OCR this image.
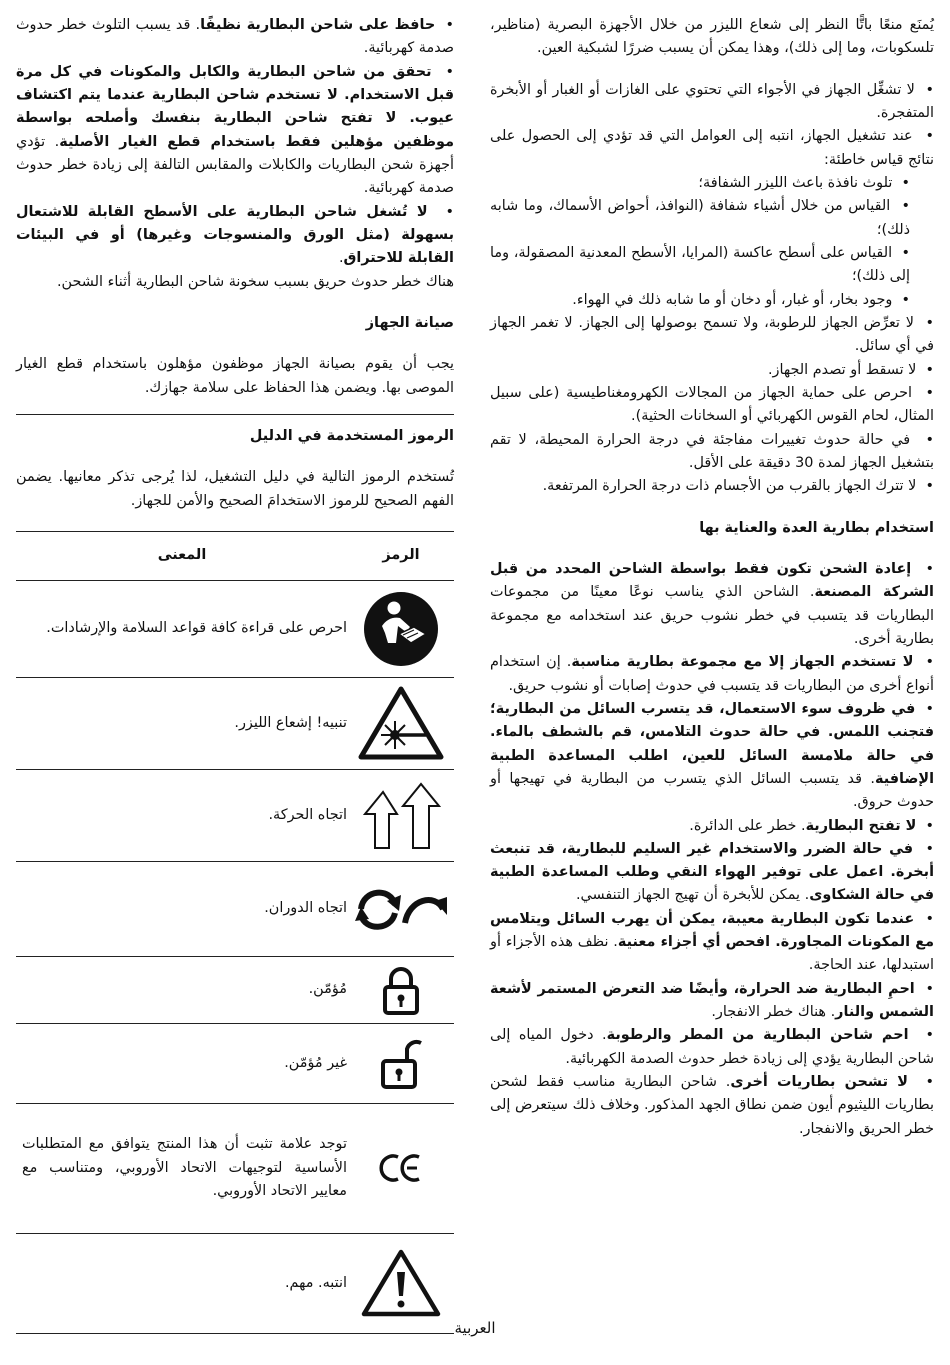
يُمنَع منعًا باتًّا النظر إلى شعاع الليزر من خلال الأجهزة البصرية (مناظير، تلسكوبات، وما إلى ذلك)، وهذا يمكن أن يسبب ضررًا لشبكية العين.

•  لا تشغِّل الجهاز في الأجواء التي تحتوي على الغازات أو الغبار أو الأبخرة المتفجرة.

•  عند تشغيل الجهاز، انتبه إلى العوامل التي قد تؤدي إلى الحصول على نتائج قياس خاطئة:

•  تلوث نافذة باعث الليزر الشفافة؛

•  القياس من خلال أشياء شفافة (النوافذ، أحواض الأسماك، وما شابه ذلك)؛

•  القياس على أسطح عاكسة (المرايا، الأسطح المعدنية المصقولة، وما إلى ذلك)؛

•  وجود بخار، أو غبار، أو دخان أو ما شابه ذلك في الهواء.

•  لا تعرِّض الجهاز للرطوبة، ولا تسمح بوصولها إلى الجهاز. لا تغمر الجهاز في أي سائل.

•  لا تسقط أو تصدم الجهاز.

•  احرص على حماية الجهاز من المجالات الكهرومغناطيسية (على سبيل المثال، لحام القوس الكهربائي أو السخانات الحثية).

•  في حالة حدوث تغييرات مفاجئة في درجة الحرارة المحيطة، لا تقم بتشغيل الجهاز لمدة 30 دقيقة على الأقل.

•  لا تترك الجهاز بالقرب من الأجسام ذات درجة الحرارة المرتفعة.

استخدام بطارية العدة والعناية بها

•  إعادة الشحن تكون فقط بواسطة الشاحن المحدد من قبل الشركة المصنعة. الشاحن الذي يناسب نوعًا معينًا من مجموعات البطاريات قد يتسبب في خطر نشوب حريق عند استخدامه مع مجموعة بطارية أخرى.

•  لا تستخدم الجهاز إلا مع مجموعة بطارية مناسبة. إن استخدام أنواع أخرى من البطاريات قد يتسبب في حدوث إصابات أو نشوب حريق.

•  في ظروف سوء الاستعمال، قد يتسرب السائل من البطارية؛ فتجنب اللمس. في حالة حدوث التلامس، قم بالشطف بالماء. في حالة ملامسة السائل للعين، اطلب المساعدة الطبية الإضافية. قد يتسبب السائل الذي يتسرب من البطارية في تهيجها أو حدوث حروق.

•  لا تفتح البطارية. خطر على الدائرة.

•  في حالة الضرر والاستخدام غير السليم للبطارية، قد تنبعث أبخرة. اعمل على توفير الهواء النقي وطلب المساعدة الطبية في حالة الشكاوى. يمكن للأبخرة أن تهيج الجهاز التنفسي.

•  عندما تكون البطارية معيبة، يمكن أن يهرب السائل ويتلامس مع المكونات المجاورة. افحص أي أجزاء معنية. نظف هذه الأجزاء أو استبدلها، عند الحاجة.

•  احمِ البطارية ضد الحرارة، وأيضًا ضد التعرض المستمر لأشعة الشمس والنار. هناك خطر الانفجار.

•  احم شاحن البطارية من المطر والرطوبة. دخول المياه إلى شاحن البطارية يؤدي إلى زيادة خطر حدوث الصدمة الكهربائية.

•  لا تشحن بطاريات أخرى. شاحن البطارية مناسب فقط لشحن بطاريات الليثيوم أيون ضمن نطاق الجهد المذكور. وخلاف ذلك سيتعرض إلى خطر الحريق والانفجار.

•  حافظ على شاحن البطارية نظيفًا. قد يسبب التلوث خطر حدوث صدمة كهربائية.

•  تحقق من شاحن البطارية والكابل والمكونات في كل مرة قبل الاستخدام. لا تستخدم شاحن البطارية عندما يتم اكتشاف عيوب. لا تفتح شاحن البطارية بنفسك وأصلحه بواسطة موظفين مؤهلين فقط باستخدام قطع الغيار الأصلية. تؤدي أجهزة شحن البطاريات والكابلات والمقابس التالفة إلى زيادة خطر حدوث صدمة كهربائية.

•  لا تُشغل شاحن البطارية على الأسطح القابلة للاشتعال بسهولة (مثل الورق والمنسوجات وغيرها) أو في البيئات القابلة للاحتراق.

هناك خطر حدوث حريق بسبب سخونة شاحن البطارية أثناء الشحن.

صيانة الجهاز

يجب أن يقوم بصيانة الجهاز موظفون مؤهلون باستخدام قطع الغيار الموصى بها. ويضمن هذا الحفاظ على سلامة جهازك.

الرموز المستخدمة في الدليل

تُستخدم الرموز التالية في دليل التشغيل، لذا يُرجى تذكر معانيها. يضمن الفهم الصحيح للرموز الاستخدامَ الصحيح والأمن للجهاز.

الرمز	المعنى
	احرص على قراءة كافة قواعد السلامة والإرشادات.
	تنبيه! إشعاع الليزر.
	اتجاه الحركة.
	اتجاه الدوران.
	مُؤمّن.
	غير مُؤمّن.
	توجد علامة تثبت أن هذا المنتج يتوافق مع المتطلبات الأساسية لتوجيهات الاتحاد الأوروبي، ومتناسب مع معايير الاتحاد الأوروبي.
	انتبه. مهم.
العربية
